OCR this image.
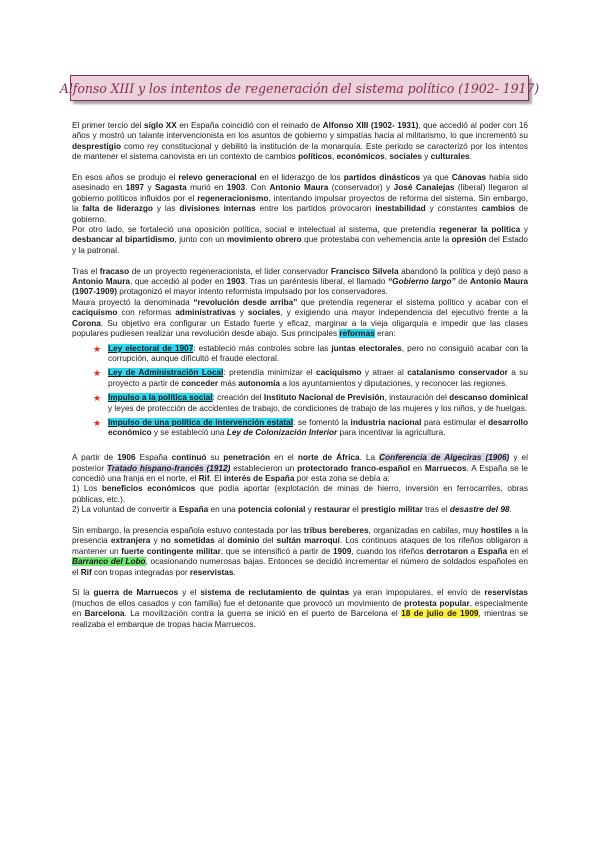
Alfonso XIII y los intentos de regeneración del sistema político (1902- 1917)

El primer tercio del siglo XX en España coincidió con el reinado de Alfonso XIII (1902- 1931), que accedió al poder con 16 años y mostró un talante intervencionista en los asuntos de gobierno y simpatías hacia al militarismo, lo que incrementó su desprestigio como rey constitucional y debilitó la institución de la monarquía. Este periodo se caracterizó por los intentos de mantener el sistema canovista en un contexto de cambios políticos, económicos, sociales y culturales.

En esos años se produjo el relevo generacional en el liderazgo de los partidos dinásticos ya que Cánovas había sido asesinado en 1897 y Sagasta murió en 1903. Con Antonio Maura (conservador) y José Canalejas (liberal) llegaron al gobierno políticos influidos por el regeneracionismo, intentando impulsar proyectos de reforma del sistema. Sin embargo, la falta de liderazgo y las divisiones internas entre los partidos provocaron inestabilidad y constantes cambios de gobierno.

Por otro lado, se fortaleció una oposición política, social e intelectual al sistema, que pretendía regenerar la política y desbancar al bipartidismo, junto con un movimiento obrero que protestaba con vehemencia ante la opresión del Estado y la patronal.

Tras el fracaso de un proyecto regeneracionista, el líder conservador Francisco Silvela abandonó la política y dejó paso a Antonio Maura, que accedió al poder en 1903. Tras un paréntesis liberal, el llamado “Gobierno largo” de Antonio Maura (1907-1909) protagonizó el mayor intento reformista impulsado por los conservadores.

Maura proyectó la denominada “revolución desde arriba” que pretendía regenerar el sistema político y acabar con el caciquismo con reformas administrativas y sociales, y exigiendo una mayor independencia del ejecutivo frente a la Corona. Su objetivo era configurar un Estado fuerte y eficaz, marginar a la vieja oligarquía e impedir que las clases populares pudiesen realizar una revolución desde abajo. Sus principales reformas eran:

★ Ley electoral de 1907: estableció más controles sobre las juntas electorales, pero no consiguió acabar con la corrupción, aunque dificultó el fraude electoral.
★ Ley de Administración Local: pretendía minimizar el caciquismo y atraer al catalanismo conservador a su proyecto a partir de conceder más autonomía a los ayuntamientos y diputaciones, y reconocer las regiones.
★ Impulso a la política social: creación del Instituto Nacional de Previsión, instauración del descanso dominical y leyes de protección de accidentes de trabajo, de condiciones de trabajo de las mujeres y los niños, y de huelgas.
★ Impulso de una política de intervención estatal: se fomentó la industria nacional para estimular el desarrollo económico y se estableció una Ley de Colonización Interior para incentivar la agricultura.

A partir de 1906 España continuó su penetración en el norte de África. La Conferencia de Algeciras (1906) y el posterior Tratado hispano-francés (1912) establecieron un protectorado franco-español en Marruecos. A España se le concedió una franja en el norte, el Rif. El interés de España por esta zona se debía a:

1) Los beneficios económicos que podía aportar (explotación de minas de hierro, inversión en ferrocarriles, obras públicas, etc.).

2) La voluntad de convertir a España en una potencia colonial y restaurar el prestigio militar tras el desastre del 98.

Sin embargo, la presencia española estuvo contestada por las tribus bereberes, organizadas en cabilas, muy hostiles a la presencia extranjera y no sometidas al dominio del sultán marroquí. Los continuos ataques de los rifeños obligaron a mantener un fuerte contingente militar, que se intensificó a partir de 1909, cuando los rifeños derrotaron a España en el Barranco del Lobo, ocasionando numerosas bajas. Entonces se decidió incrementar el número de soldados españoles en el Rif con tropas integradas por reservistas.

Si la guerra de Marruecos y el sistema de reclutamiento de quintas ya eran impopulares, el envío de reservistas (muchos de ellos casados y con familia) fue el detonante que provocó un movimiento de protesta popular, especialmente en Barcelona. La movilización contra la guerra se inició en el puerto de Barcelona el 18 de julio de 1909, mientras se realizaba el embarque de tropas hacia Marruecos.
